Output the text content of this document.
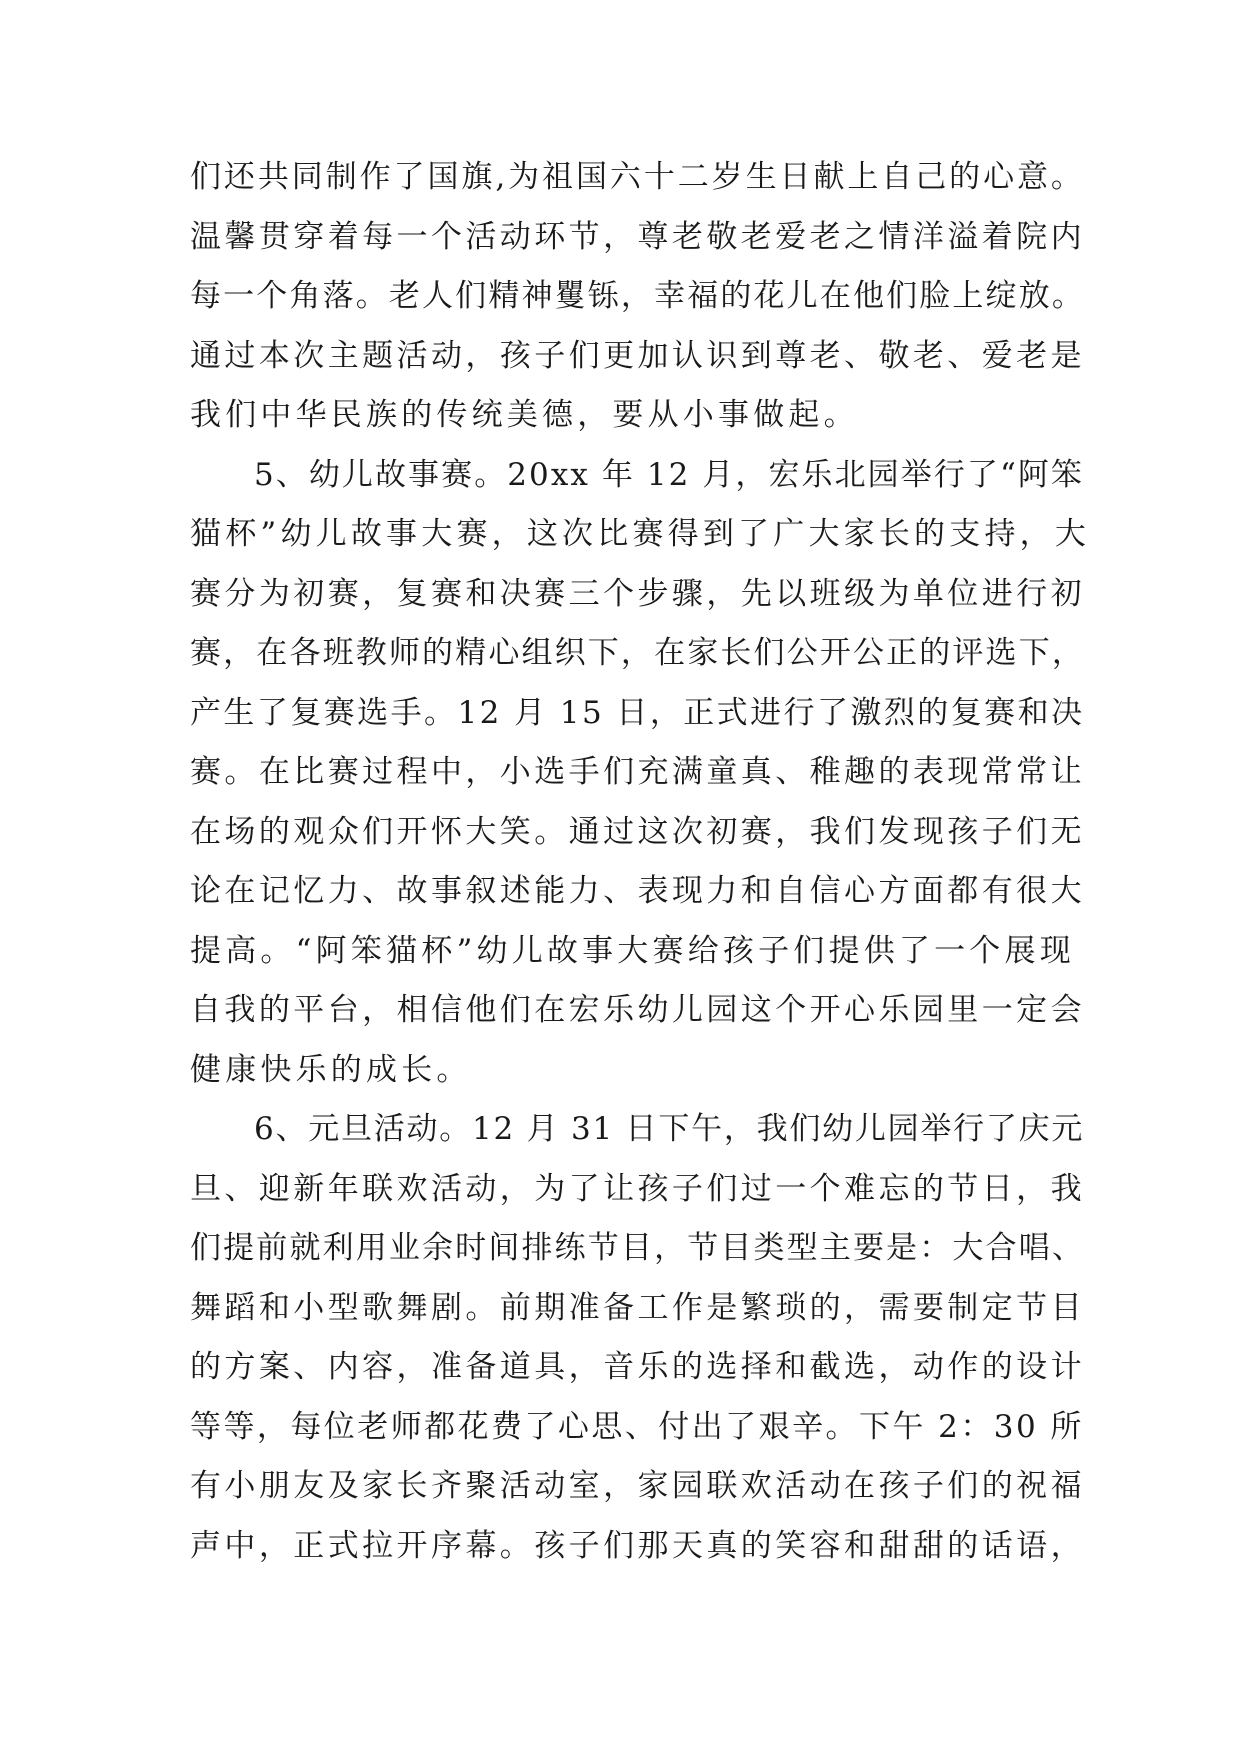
们还共同制作了国旗,为祖国六十二岁生日献上自己的心意。
温馨贯穿着每一个活动环节，尊老敬老爱老之情洋溢着院内
每一个角落。老人们精神矍铄，幸福的花儿在他们脸上绽放。
通过本次主题活动，孩子们更加认识到尊老、敬老、爱老是
我们中华民族的传统美德，要从小事做起。
5、幼儿故事赛。20xx 年 12 月，宏乐北园举行了“阿笨
猫杯”幼儿故事大赛，这次比赛得到了广大家长的支持，大
赛分为初赛，复赛和决赛三个步骤，先以班级为单位进行初
赛，在各班教师的精心组织下，在家长们公开公正的评选下，
产生了复赛选手。12 月 15 日，正式进行了激烈的复赛和决
赛。在比赛过程中，小选手们充满童真、稚趣的表现常常让
在场的观众们开怀大笑。通过这次初赛，我们发现孩子们无
论在记忆力、故事叙述能力、表现力和自信心方面都有很大
提高。“阿笨猫杯”幼儿故事大赛给孩子们提供了一个展现
自我的平台，相信他们在宏乐幼儿园这个开心乐园里一定会
健康快乐的成长。
6、元旦活动。12 月 31 日下午，我们幼儿园举行了庆元
旦、迎新年联欢活动，为了让孩子们过一个难忘的节日，我
们提前就利用业余时间排练节目，节目类型主要是：大合唱、
舞蹈和小型歌舞剧。前期准备工作是繁琐的，需要制定节目
的方案、内容，准备道具，音乐的选择和截选，动作的设计
等等，每位老师都花费了心思、付出了艰辛。下午 2：30 所
有小朋友及家长齐聚活动室，家园联欢活动在孩子们的祝福
声中，正式拉开序幕。孩子们那天真的笑容和甜甜的话语，
